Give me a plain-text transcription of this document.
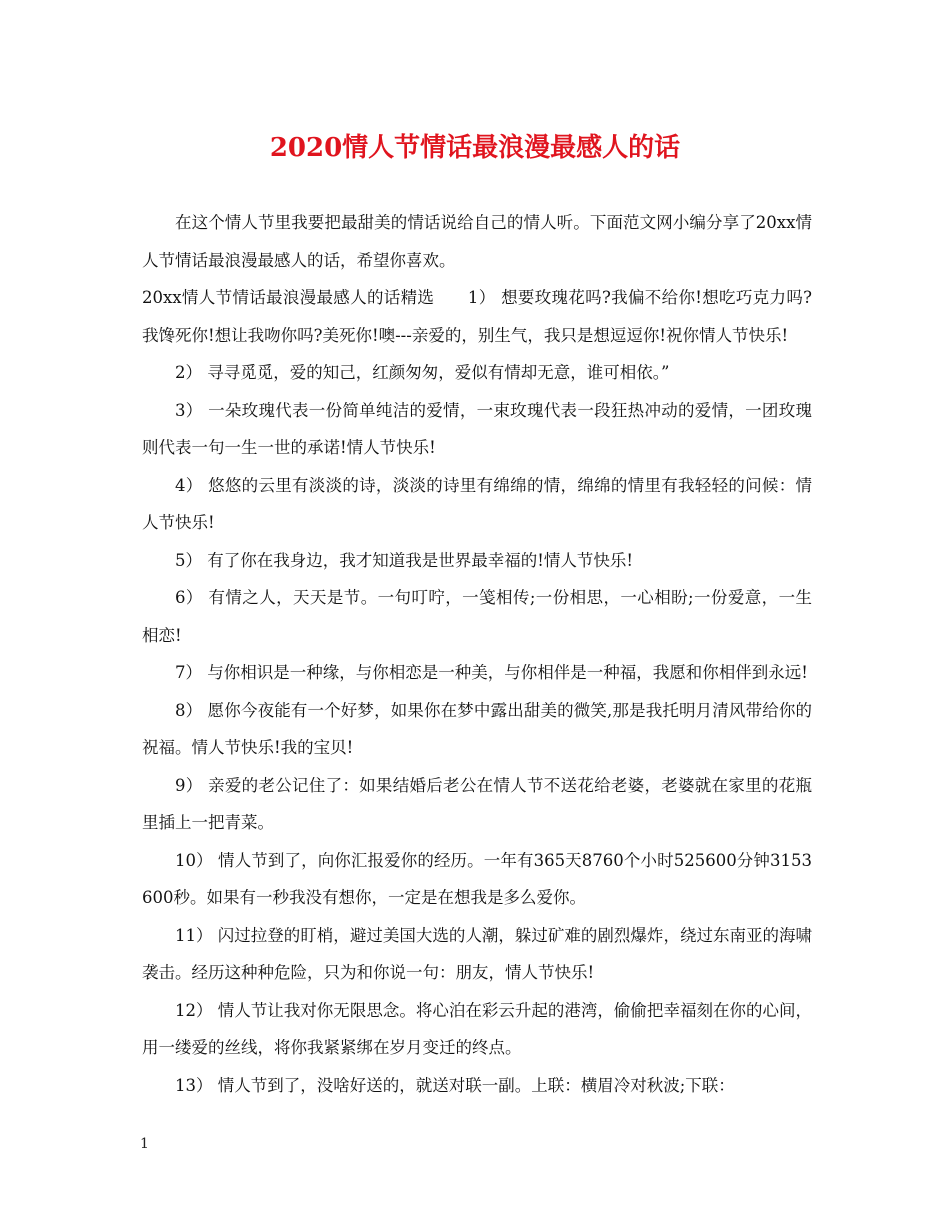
2020情人节情话最浪漫最感人的话

在这个情人节里我要把最甜美的情话说给自己的情人听。下面范文网小编分享了20xx情人节情话最浪漫最感人的话，希望你喜欢。

20xx情人节情话最浪漫最感人的话精选　　1） 想要玫瑰花吗?我偏不给你!想吃巧克力吗?我馋死你!想让我吻你吗?美死你!噢---亲爱的，别生气，我只是想逗逗你!祝你情人节快乐!

2） 寻寻觅觅，爱的知己，红颜匆匆，爱似有情却无意，谁可相依。”

3） 一朵玫瑰代表一份简单纯洁的爱情，一束玫瑰代表一段狂热冲动的爱情，一团玫瑰则代表一句一生一世的承诺!情人节快乐!

4） 悠悠的云里有淡淡的诗，淡淡的诗里有绵绵的情，绵绵的情里有我轻轻的问候：情人节快乐!

5） 有了你在我身边，我才知道我是世界最幸福的!情人节快乐!

6） 有情之人，天天是节。一句叮咛，一笺相传;一份相思，一心相盼;一份爱意，一生相恋!

7） 与你相识是一种缘，与你相恋是一种美，与你相伴是一种福，我愿和你相伴到永远!

8） 愿你今夜能有一个好梦，如果你在梦中露出甜美的微笑,那是我托明月清风带给你的祝福。情人节快乐!我的宝贝!

9） 亲爱的老公记住了：如果结婚后老公在情人节不送花给老婆，老婆就在家里的花瓶里插上一把青菜。

10） 情人节到了，向你汇报爱你的经历。一年有365天8760个小时525600分钟3153600秒。如果有一秒我没有想你，一定是在想我是多么爱你。

11） 闪过拉登的盯梢，避过美国大选的人潮，躲过矿难的剧烈爆炸，绕过东南亚的海啸袭击。经历这种种危险，只为和你说一句：朋友，情人节快乐!

12） 情人节让我对你无限思念。将心泊在彩云升起的港湾，偷偷把幸福刻在你的心间，用一缕爱的丝线，将你我紧紧绑在岁月变迁的终点。

13） 情人节到了，没啥好送的，就送对联一副。上联：横眉冷对秋波;下联：

1
